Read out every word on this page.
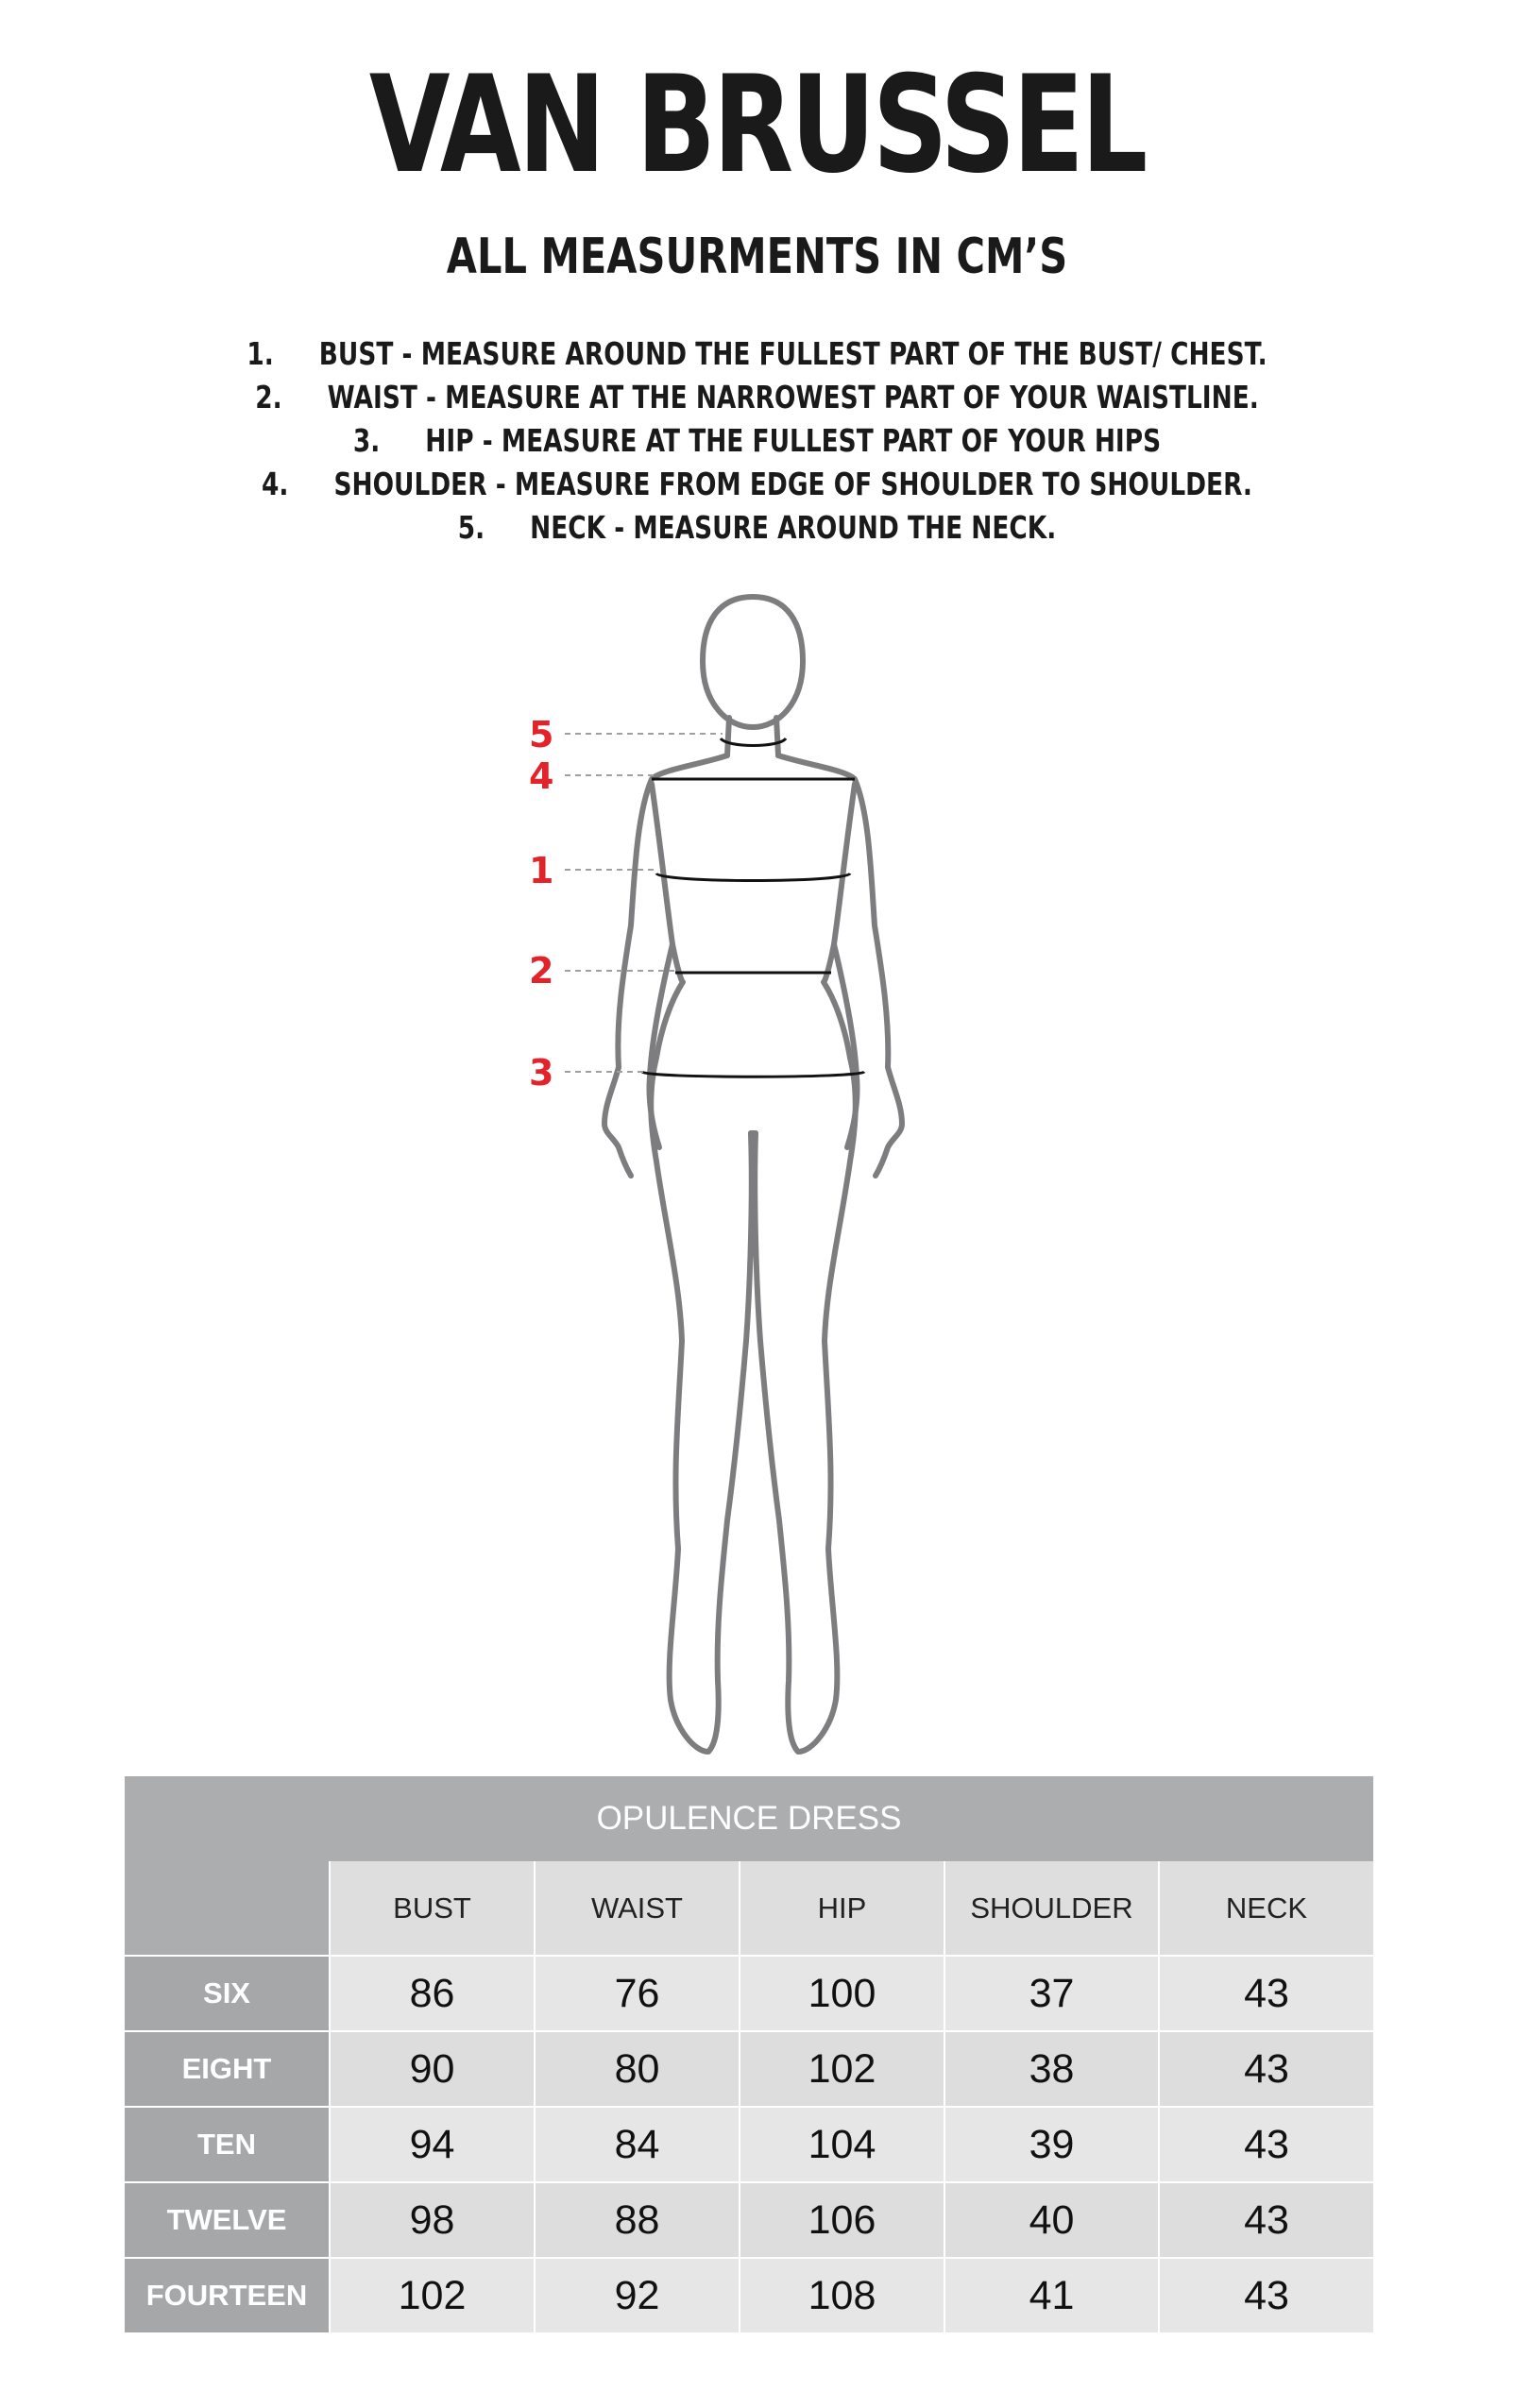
VAN BRUSSEL
ALL MEASURMENTS IN CM’S
1. BUST - MEASURE AROUND THE FULLEST PART OF THE BUST/ CHEST.
2. WAIST - MEASURE AT THE NARROWEST PART OF YOUR WAISTLINE.
3. HIP - MEASURE AT THE FULLEST PART OF YOUR HIPS
4. SHOULDER - MEASURE FROM EDGE OF SHOULDER TO SHOULDER.
5. NECK - MEASURE AROUND THE NECK.
5
4
1
2
3
OPULENCE DRESS					
	BUST	WAIST	HIP	SHOULDER	NECK
SIX	86	76	100	37	43
EIGHT	90	80	102	38	43
TEN	94	84	104	39	43
TWELVE	98	88	106	40	43
FOURTEEN	102	92	108	41	43
